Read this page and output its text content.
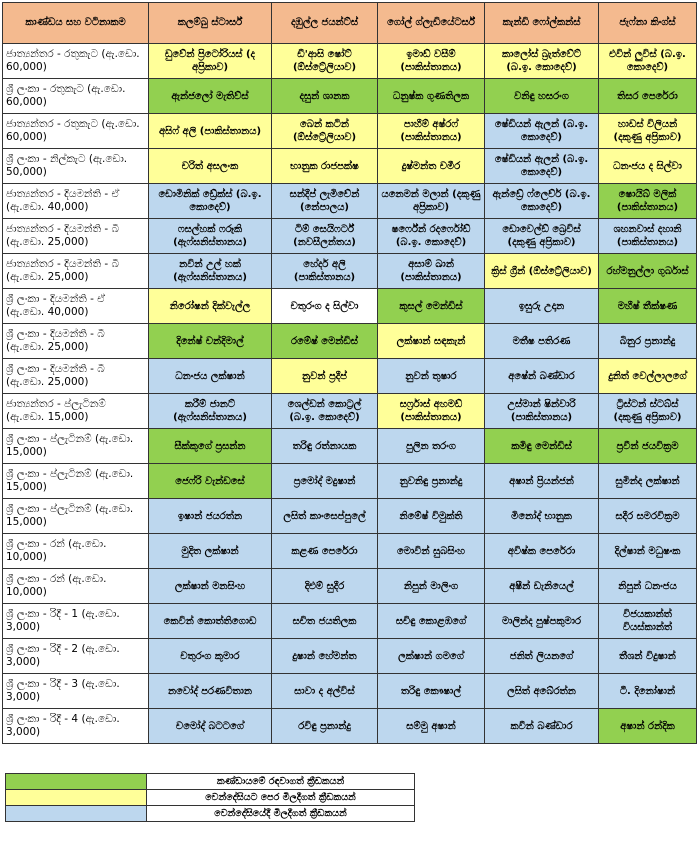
කාණ්ඩය සහ වටිනාකම	කලම්බු ස්ටාර්ස්	දඹුල්ල ජයන්ට්ස්	ගෝල් ග්ලැඩියේටර්ස්	කැන්ඩි ෆෝල්කන්ස්	ජැෆ්නා කිංග්ස්
ජාත්‍යන්තර - රතුකැට (ඇ.ඩො. 60,000)	ඩුවේන් ප්‍රිටෝරියස් (ද අප්‍රිකාව)	ඩී'ආසි ෂෝට් (ඕස්ට්‍රේලියාව)	ඉමාඩ් වසීම් (පාකිස්තානය)	කාලෝස් බ්‍රැත්වේට් (බ.ඉ. කොදෙව්)	එවින් ලුවිස් (බ.ඉ. කොදෙව්)
ශ්‍රී ලංකා - රතුකැට (ඇ.ඩො. 60,000)	ඇන්ජලෝ මැතිව්ස්	දසුන් ශානක	ධනුෂ්ක ගුණතිලක	වනිඳු හසරංග	තිසර පෙරේරා
ජාත්‍යන්තර - රතුකැට (ඇ.ඩො. 60,000)	අසිෆ් අලි (පාකිස්තානය)	බෙන් කටින් (ඕස්ට්‍රේලියාව)	පාහීම් අෂ්රෆ් (පාකිස්තානය)	ෂේඩියන් ඇලන් (බ.ඉ. කොදෙව්)	හාඩස් විලියන් (දකුණු අප්‍රිකාව)
ශ්‍රී ලංකා - නිල්කැට (ඇ.ඩො. 50,000)	චරිත් අසලංක	භානුක රාජපක්ෂ	දුෂ්මන්ත චමීර	ෂේඩියන් ඇලන් (බ.ඉ. කොදෙව්)	ධනංජය ද සිල්වා
ජාත්‍යන්තර - දියමන්ති - ඒ (ඇ.ඩො. 40,000)	ඩොමිනික් ඩ්‍රේක්ස් (බ.ඉ. කොදෙව්)	සන්දීප් ලැමිචේන් (නේපාලය)	යනෙමන් මලාන් (දකුණු අප්‍රිකාව)	ඇන්ඩ්‍රේ ෆ්ලෙච්ර් (බ.ඉ. කොදෙව්)	ෂොයිබ් මලික් (පාකිස්තානය)
ජාත්‍යන්තර - දියමන්ති - බී (ඇ.ඩො. 25,000)	ෆසල්හක් ෆරූකි (ඇෆ්ඝනිස්තානය)	ටිම් සෙයිෆර්ට් (නවසීලන්තය)	ෂර්ෆේන් රදර්ෆෝඩ් (බ.ඉ. කොදෙව්)	ඩොවෙල්ඩ් බ්‍රෙවිස් (දකුණු අප්‍රිකාව)	ශහනවාස් දහානි (පාකිස්තානය)
ජාත්‍යන්තර - දියමන්ති - බී (ඇ.ඩො. 25,000)	නවින් උල් හක් (ඇෆ්ඝනිස්තානය)	හේදර් අලි (පාකිස්තානය)	අසාම් ඛාන් (පාකිස්තානය)	ක්‍රිස් ග්‍රීන් (ඕස්ට්‍රේලියාව)	රහ්මනුල්ලා ගුර්බාස්
ශ්‍රී ලංකා - දියමන්ති - ඒ (ඇ.ඩො. 40,000)	නිරෝෂන් දික්වැල්ල	චතුරංග ද සිල්වා	කුසල් මෙන්ඩිස්	ඉසුරු උදාන	මහීෂ් තීක්ෂණ
ශ්‍රී ලංකා - දියමන්ති - බී (ඇ.ඩො. 25,000)	දිනේෂ් චන්දිමාල්	රමේෂ් මෙන්ඩිස්	ලක්ෂාන් සඳකැන්	මතීෂ පතිරණ	බිනුර ප්‍රනාන්දු
ශ්‍රී ලංකා - දියමන්ති - බී (ඇ.ඩො. 25,000)	ධනංජය ලක්ෂාන්	නුවන් ප්‍රදීප්	නුවන් තුෂාර	අෂේන් බණ්ඩාර	දුනිත් වෙල්ලාලගේ
ජාත්‍යන්තර - ප්ලැටිනම් (ඇ.ඩො. 15,000)	කරීම් ජානට් (ඇෆ්ඝනිස්තානය)	ශෙල්ඩන් කොට්‍රල් (බ.ඉ. කොදෙව්)	සර්ෆ්‍රාස් අහමඩ් (පාකිස්තානය)	උස්මාන් ෂින්වාරි (පාකිස්තානය)	ට්‍රිස්ටන් ස්ටබ්ස් (දකුණු අප්‍රිකාව)
ශ්‍රී ලංකා - ප්ලැටිනම් (ඇ.ඩො. 15,000)	සීක්කුගේ ප්‍රසන්න	තරිඳු රත්නායක	පුලින තරංග	කමිඳු මෙන්ඩිස්	ප්‍රවීන් ජයවික්‍රම
ශ්‍රී ලංකා - ප්ලැටිනම් (ඇ.ඩො. 15,000)	ජෙෆ්රි වැන්ඩසේ	ප්‍රමෝද් මදුෂාන්	නුවනිඳු ප්‍රනාන්දු	අෂාන් ප්‍රියන්ජන්	සුමින්ද ලක්ෂාන්
ශ්‍රී ලංකා - ප්ලැටිනම් (ඇ.ඩො. 15,000)	ඉෂාන් ජයරත්න	ලසිත් කාංසෙප්පුලේ	නිමේෂ් විමුක්ති	මිනෝද් භානුක	සදීර සමරවික්‍රම
ශ්‍රී ලංකා - රන් (ඇ.ඩො. 10,000)	මුදිත ලක්ෂාන්	කළණ පෙරේරා	මොවින් සුබසිංහ	අවිෂ්ක පෙරේරා	දිල්ෂාන් මධුෂංක
ශ්‍රී ලංකා - රන් (ඇ.ඩො. 10,000)	ලක්ෂාන් මනසිංහ	දිළුම් සුදීර	නිපුන් මාලිංග	අෂීන් ඩැනියෙල්	නිපුන් ධනංජය
ශ්‍රී ලංකා - රිදී - 1 (ඇ.ඩො. 3,000)	කෙවින් කොත්තිගොඩ	සචිත ජයතිලක	සචිඳු කොළඹගේ	මාලින්ද පුෂ්පකුමාර	විජයකාන්ත් වියස්කාන්ත්
ශ්‍රී ලංකා - රිදී - 2 (ඇ.ඩො. 3,000)	චතුරංග කුමාර	දුෂාන් හේමන්ත	ලක්ෂාන් ගමගේ	ජනිත් ලියනගේ	තීශන් විදුෂාන්
ශ්‍රී ලංකා - රිදී - 3 (ඇ.ඩො. 3,000)	නවෝද් පරණවිතාන	සාවා ද අල්විස්	තරිඳු කෞෂාල්	ලසිත් අබේරත්න	ටී. දිනෝෂාන්
ශ්‍රී ලංකා - රිදී - 4 (ඇ.ඩො. 3,000)	චමෝද් බටටගේ	රවිඳු ප්‍රනාන්දු	සම්මු අෂාන්	කවීන් බණ්ඩාර	අෂාන් රන්දික
	කණ්ඩායමේ රඳවාගත් ක්‍රීඩකයන්
	වෙන්දේසියට පෙර මිලදීගත් ක්‍රීඩකයන්
	වෙන්දේසියේදී මිලදීගත් ක්‍රීඩකයන්
